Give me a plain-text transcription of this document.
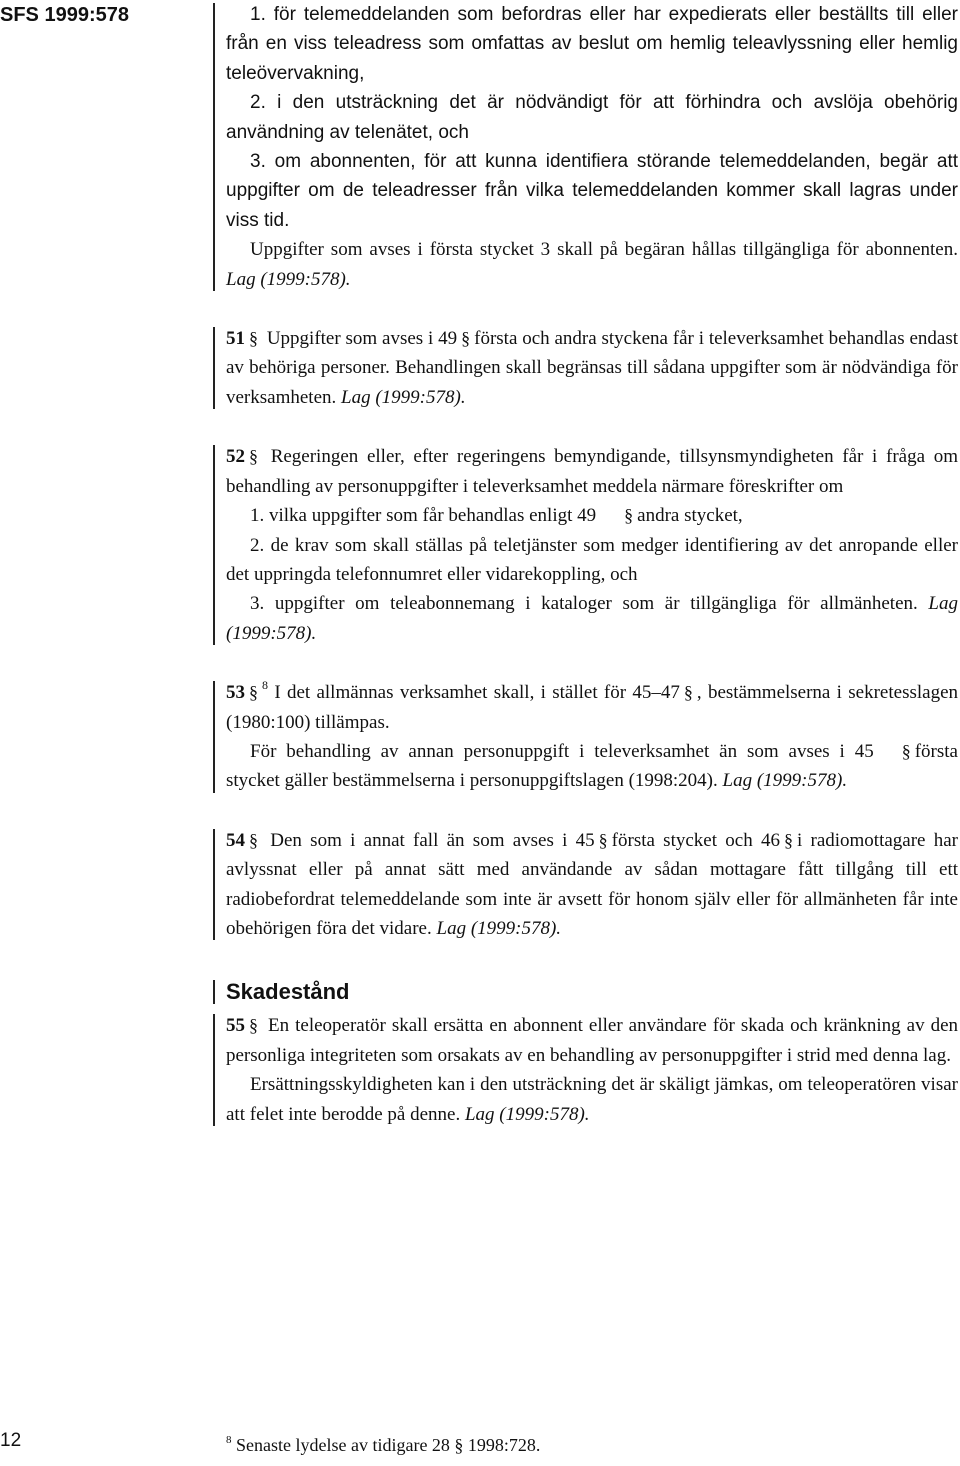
SFS 1999:578	1. för telemeddelanden som befordras eller har expedierats eller beställts till eller från en viss teleadress som omfattas av beslut om hemlig teleavlyssning eller hemlig teleövervakning,

2. i den utsträckning det är nödvändigt för att förhindra och avslöja obehörig användning av telenätet, och

3. om abonnenten, för att kunna identifiera störande telemeddelanden, begär att uppgifter om de teleadresser från vilka telemeddelanden kommer skall lagras under viss tid.

Uppgifter som avses i första stycket 3 skall på begäran hållas tillgängliga för abonnenten. Lag (1999:578).

51 § Uppgifter som avses i 49 § första och andra styckena får i televerksamhet behandlas endast av behöriga personer. Behandlingen skall begränsas till sådana uppgifter som är nödvändiga för verksamheten. Lag (1999:578).

52 § Regeringen eller, efter regeringens bemyndigande, tillsynsmyndigheten får i fråga om behandling av personuppgifter i televerksamhet meddela närmare föreskrifter om

1. vilka uppgifter som får behandlas enligt 49 § andra stycket,

2. de krav som skall ställas på teletjänster som medger identifiering av det anropande eller det uppringda telefonnumret eller vidarekoppling, och

3. uppgifter om teleabonnemang i kataloger som är tillgängliga för allmänheten. Lag (1999:578).

53 § $^8$ I det allmännas verksamhet skall, i stället för 45–47 § , bestämmelserna i sekretesslagen (1980:100) tillämpas.

För behandling av annan personuppgift i televerksamhet än som avses i 45 § första stycket gäller bestämmelserna i personuppgiftslagen (1998:204). Lag (1999:578).

54 § Den som i annat fall än som avses i 45 § första stycket och 46 § i radiomottagare har avlyssnat eller på annat sätt med användande av sådan mottagare fått tillgång till ett radiobefordrat telemeddelande som inte är avsett för honom själv eller för allmänheten får inte obehörigen föra det vidare. Lag (1999:578).

Skadestånd

55 § En teleoperatör skall ersätta en abonnent eller användare för skada och kränkning av den personliga integriteten som orsakats av en behandling av personuppgifter i strid med denna lag.

Ersättningsskyldigheten kan i den utsträckning det är skäligt jämkas, om teleoperatören visar att felet inte berodde på denne. Lag (1999:578).

12	$^8$ Senaste lydelse av tidigare 28 § 1998:728.
